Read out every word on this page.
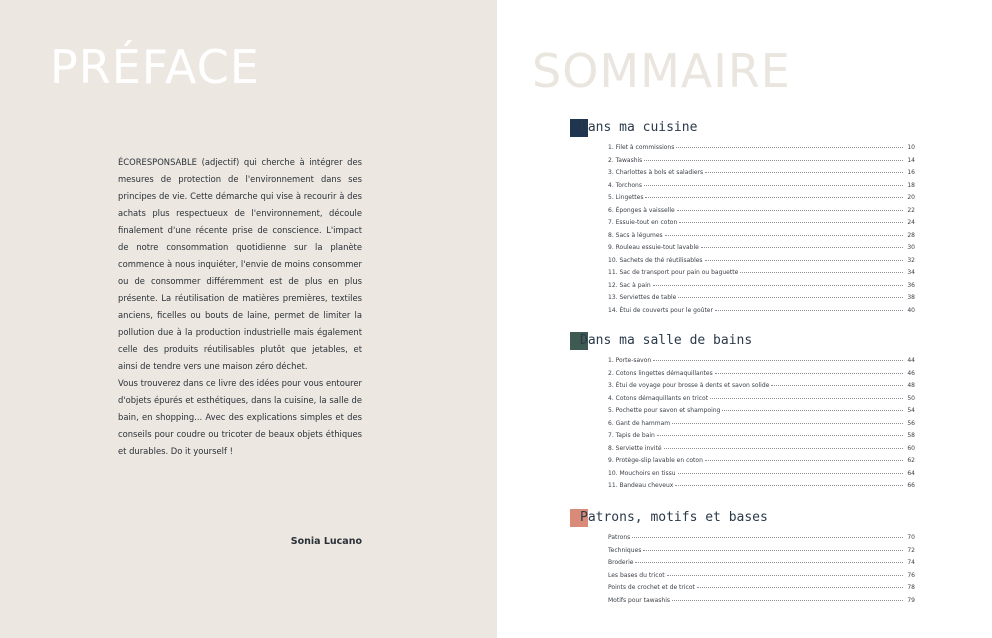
PRÉFACE

ÉCORESPONSABLE (adjectif) qui cherche à intégrer des mesures de protection de l'environnement dans ses principes de vie. Cette démarche qui vise à recourir à des achats plus respectueux de l'environnement, découle finalement d'une récente prise de conscience. L'impact de notre consommation quotidienne sur la planète commence à nous inquiéter, l'envie de moins consommer ou de consommer différemment est de plus en plus présente. La réutilisation de matières premières, textiles anciens, ficelles ou bouts de laine, permet de limiter la pollution due à la production industrielle mais également celle des produits réutilisables plutôt que jetables, et ainsi de tendre vers une maison zéro déchet.

Vous trouverez dans ce livre des idées pour vous entourer d'objets épurés et esthétiques, dans la cuisine, la salle de bain, en shopping... Avec des explications simples et des conseils pour coudre ou tricoter de beaux objets éthiques et durables. Do it yourself !

Sonia Lucano
SOMMAIRE
Dans ma cuisine
1. Filet à commissions	10
2. Tawashis	14
3. Charlottes à bols et saladiers	16
4. Torchons	18
5. Lingettes	20
6. Éponges à vaisselle	22
7. Essuie-tout en coton	24
8. Sacs à légumes	28
9. Rouleau essuie-tout lavable	30
10. Sachets de thé réutilisables	32
11. Sac de transport pour pain ou baguette	34
12. Sac à pain	36
13. Serviettes de table	38
14. Étui de couverts pour le goûter	40
Dans ma salle de bains
1. Porte-savon	44
2. Cotons lingettes démaquillantes	46
3. Étui de voyage pour brosse à dents et savon solide	48
4. Cotons démaquillants en tricot	50
5. Pochette pour savon et shampoing	54
6. Gant de hammam	56
7. Tapis de bain	58
8. Serviette invité	60
9. Protège-slip lavable en coton	62
10. Mouchoirs en tissu	64
11. Bandeau cheveux	66
Patrons, motifs et bases
Patrons	70
Techniques	72
Broderie	74
Les bases du tricot	76
Points de crochet et de tricot	78
Motifs pour tawashis	79
